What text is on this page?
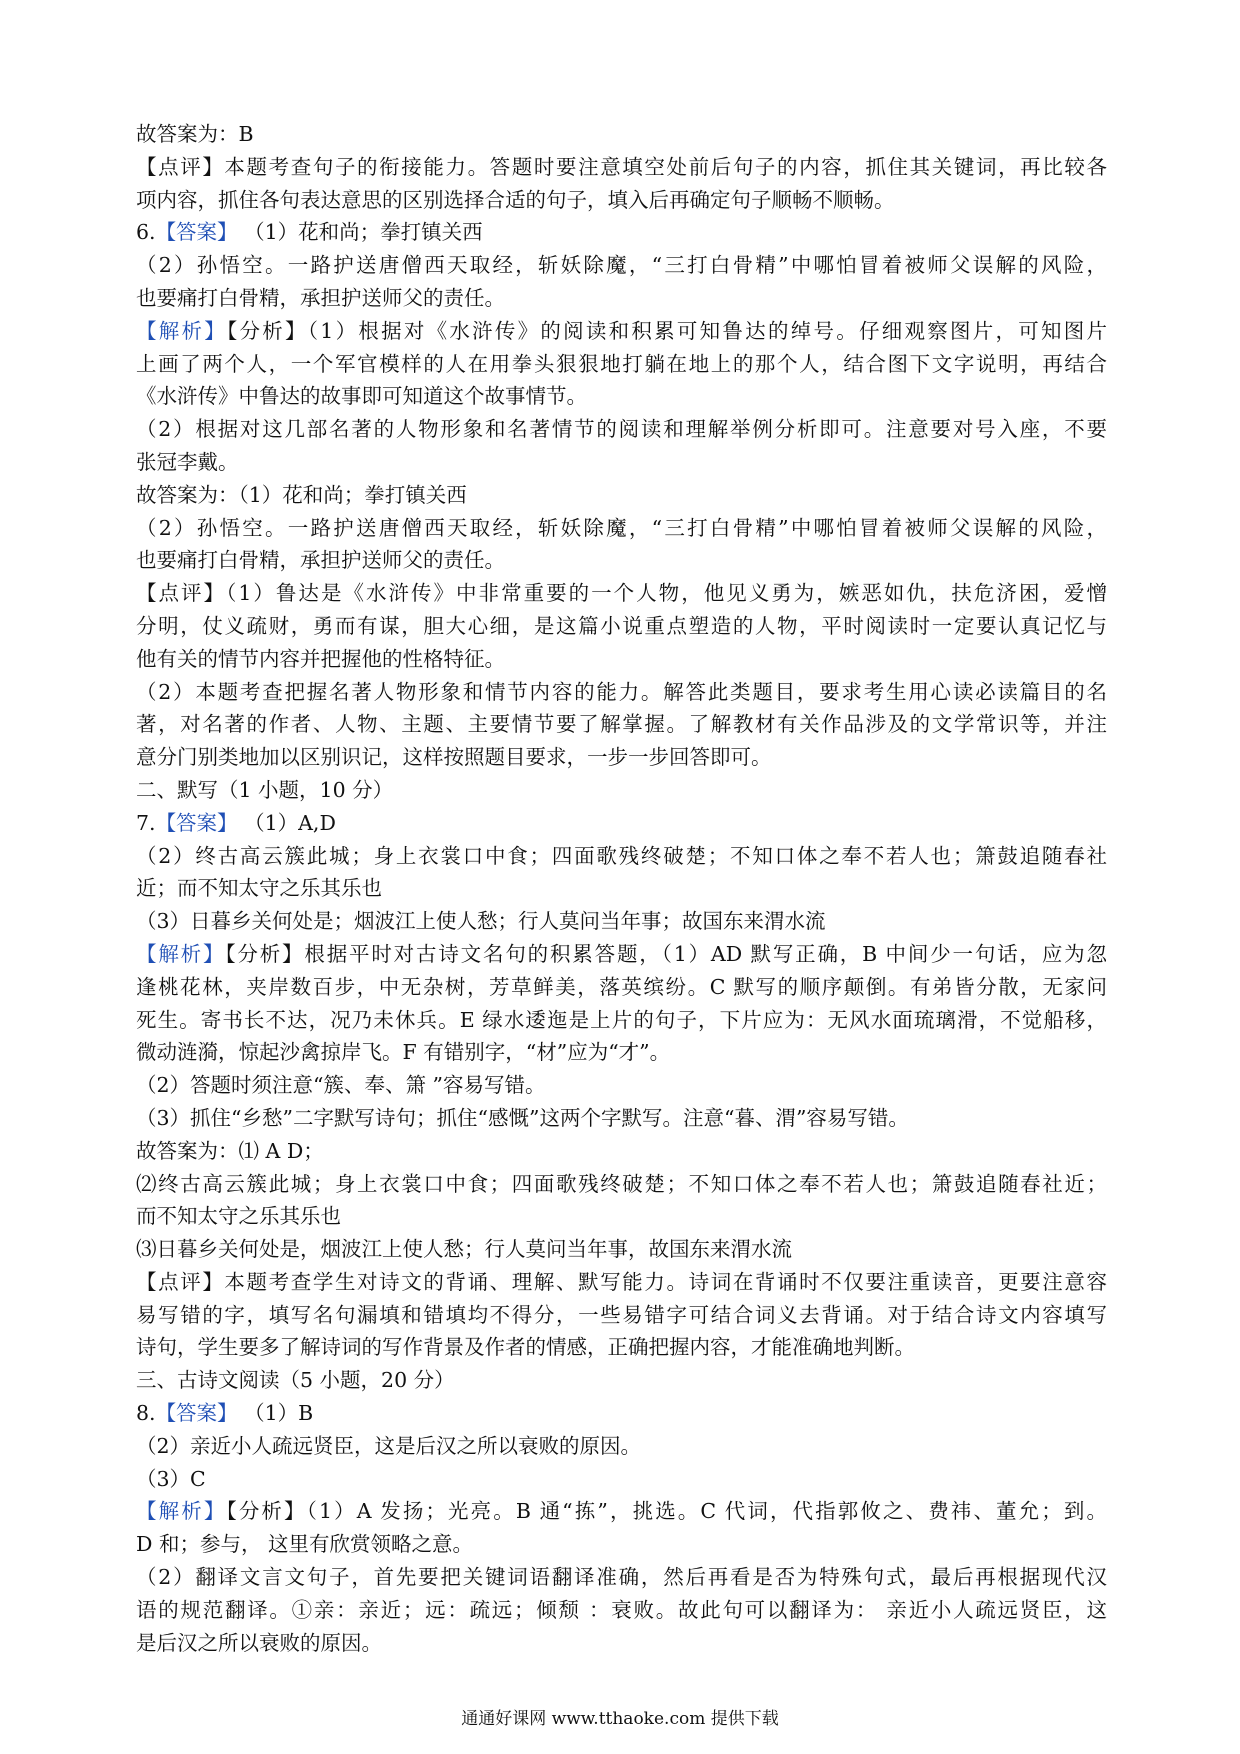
故答案为：B
【点评】本题考查句子的衔接能力。答题时要注意填空处前后句子的内容，抓住其关键词，再比较各
项内容，抓住各句表达意思的区别选择合适的句子，填入后再确定句子顺畅不顺畅。
6.【答案】 （1）花和尚；拳打镇关西
（2）孙悟空。一路护送唐僧西天取经，斩妖除魔，“三打白骨精”中哪怕冒着被师父误解的风险，
也要痛打白骨精，承担护送师父的责任。
【解析】【分析】（1）根据对《水浒传》的阅读和积累可知鲁达的绰号。仔细观察图片，可知图片
上画了两个人，一个军官模样的人在用拳头狠狠地打躺在地上的那个人，结合图下文字说明，再结合
《水浒传》中鲁达的故事即可知道这个故事情节。
（2）根据对这几部名著的人物形象和名著情节的阅读和理解举例分析即可。注意要对号入座，不要
张冠李戴。
故答案为：（1）花和尚；拳打镇关西
（2）孙悟空。一路护送唐僧西天取经，斩妖除魔，“三打白骨精”中哪怕冒着被师父误解的风险，
也要痛打白骨精，承担护送师父的责任。
【点评】（1）鲁达是《水浒传》中非常重要的一个人物，他见义勇为，嫉恶如仇，扶危济困，爱憎
分明，仗义疏财，勇而有谋，胆大心细，是这篇小说重点塑造的人物，平时阅读时一定要认真记忆与
他有关的情节内容并把握他的性格特征。
（2）本题考查把握名著人物形象和情节内容的能力。解答此类题目，要求考生用心读必读篇目的名
著，对名著的作者、人物、主题、主要情节要了解掌握。了解教材有关作品涉及的文学常识等，并注
意分门别类地加以区别识记，这样按照题目要求，一步一步回答即可。
二、默写（1 小题，10 分）
7.【答案】 （1）A,D
（2）终古高云簇此城；身上衣裳口中食；四面歌残终破楚；不知口体之奉不若人也；箫鼓追随春社
近；而不知太守之乐其乐也
（3）日暮乡关何处是；烟波江上使人愁；行人莫问当年事；故国东来渭水流
【解析】【分析】根据平时对古诗文名句的积累答题，（1）AD 默写正确，B 中间少一句话，应为忽
逢桃花林，夹岸数百步，中无杂树，芳草鲜美，落英缤纷。C 默写的顺序颠倒。有弟皆分散，无家问
死生。寄书长不达，况乃未休兵。E 绿水逶迤是上片的句子，下片应为：无风水面琉璃滑，不觉船移，
微动涟漪，惊起沙禽掠岸飞。F 有错别字，“材”应为“才”。
（2）答题时须注意“簇、奉、箫 ”容易写错。
（3）抓住“乡愁”二字默写诗句；抓住“感慨”这两个字默写。注意“暮、渭”容易写错。
故答案为：⑴ A D；
⑵终古高云簇此城；身上衣裳口中食；四面歌残终破楚；不知口体之奉不若人也；箫鼓追随春社近；
而不知太守之乐其乐也
⑶日暮乡关何处是，烟波江上使人愁；行人莫问当年事，故国东来渭水流
【点评】本题考查学生对诗文的背诵、理解、默写能力。诗词在背诵时不仅要注重读音，更要注意容
易写错的字，填写名句漏填和错填均不得分，一些易错字可结合词义去背诵。对于结合诗文内容填写
诗句，学生要多了解诗词的写作背景及作者的情感，正确把握内容，才能准确地判断。
三、古诗文阅读（5 小题，20 分）
8.【答案】 （1）B
（2）亲近小人疏远贤臣，这是后汉之所以衰败的原因。
（3）C
【解析】【分析】（1）A 发扬；光亮。B 通“拣”，挑选。C 代词，代指郭攸之、费祎、董允；到。
D 和；参与， 这里有欣赏领略之意。
（2）翻译文言文句子，首先要把关键词语翻译准确，然后再看是否为特殊句式，最后再根据现代汉
语的规范翻译。①亲：亲近；远：疏远；倾颓 ：衰败。故此句可以翻译为： 亲近小人疏远贤臣，这
是后汉之所以衰败的原因。
通通好课网 www.tthaoke.com 提供下载
